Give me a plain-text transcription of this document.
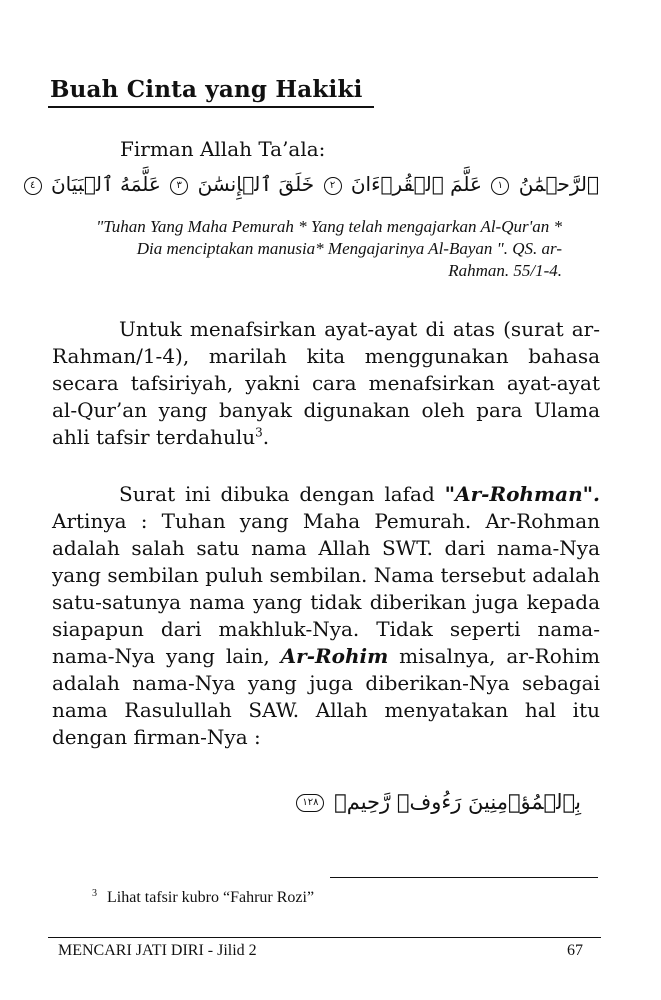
Buah Cinta yang Hakiki
Firman Allah Ta’ala:
ٱلرَّحۡمَٰنُ ١ عَلَّمَ ٱلۡقُرۡءَانَ ٢ خَلَقَ ٱلۡإِنسَٰنَ ٣ عَلَّمَهُ ٱلۡبَيَانَ ٤
"Tuhan Yang Maha Pemurah * Yang telah mengajarkan Al-Qur'an * Dia menciptakan manusia* Mengajarinya Al-Bayan ". QS. ar-Rahman. 55/1-4.

Untuk menafsirkan ayat-ayat di atas (surat ar-Rahman/1-4), marilah kita menggunakan bahasa secara tafsiriyah, yakni cara menafsirkan ayat-ayat al-Qur’an yang banyak digunakan oleh para Ulama ahli tafsir terdahulu$^3$.

Surat ini dibuka dengan lafad "Ar-Rohman". Artinya : Tuhan yang Maha Pemurah. Ar-Rohman adalah salah satu nama Allah SWT. dari nama-Nya yang sembilan puluh sembilan. Nama tersebut adalah satu-satunya nama yang tidak diberikan juga kepada siapapun dari makhluk-Nya. Tidak seperti nama-nama-Nya yang lain, Ar-Rohim misalnya, ar-Rohim adalah nama-Nya yang juga diberikan-Nya sebagai nama Rasulullah SAW. Allah menyatakan hal itu dengan firman-Nya :

بِٱلۡمُؤۡمِنِينَ رَءُوفٞ رَّحِيمٞ ١٢٨
$^3$ Lihat tafsir kubro “Fahrur Rozi”
MENCARI JATI DIRI - Jilid 2	67
